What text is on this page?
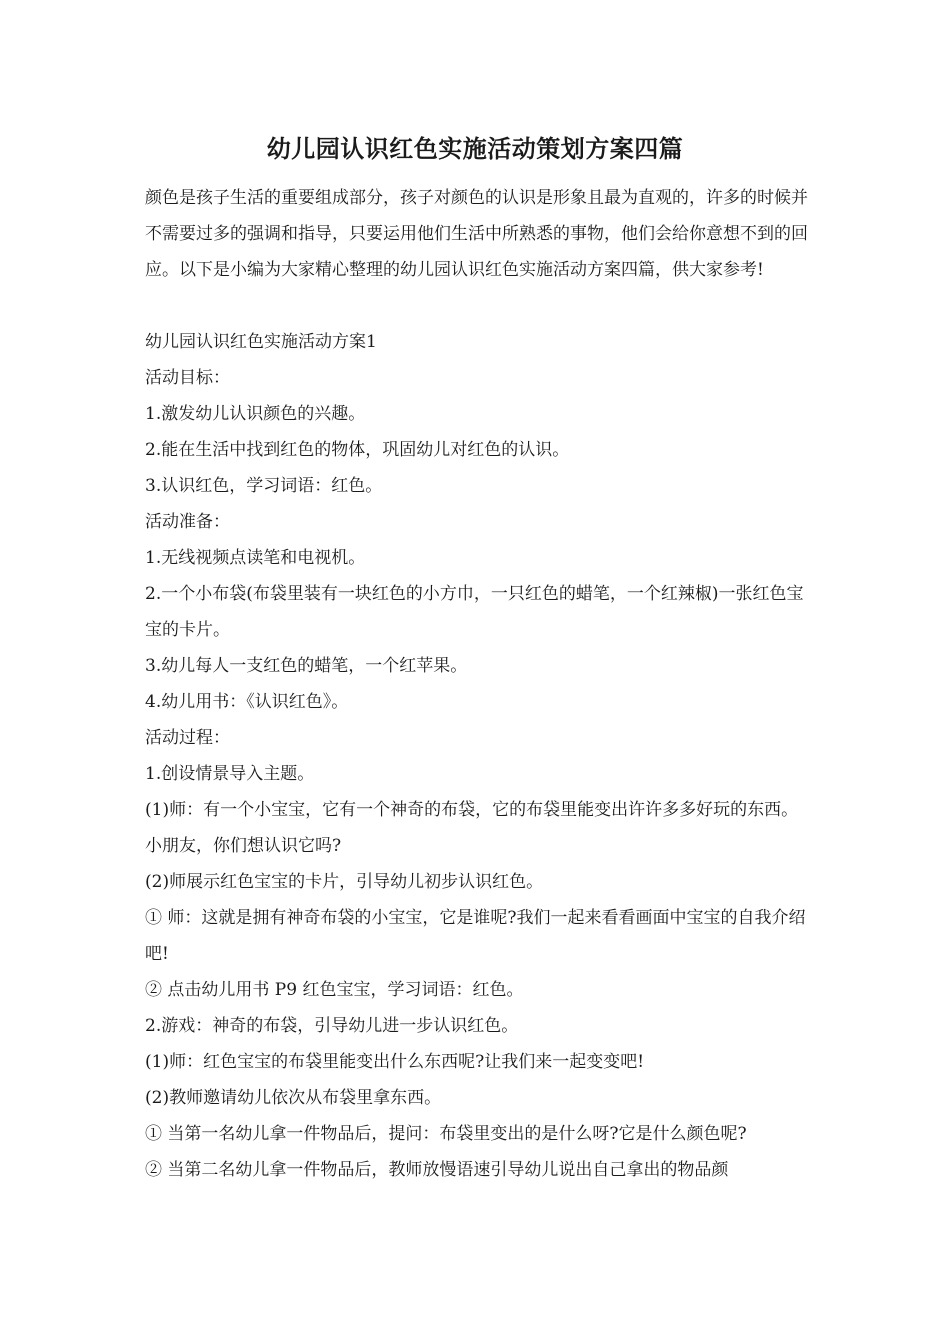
幼儿园认识红色实施活动策划方案四篇

颜色是孩子生活的重要组成部分，孩子对颜色的认识是形象且最为直观的，许多的时候并不需要过多的强调和指导，只要运用他们生活中所熟悉的事物，他们会给你意想不到的回应。以下是小编为大家精心整理的幼儿园认识红色实施活动方案四篇，供大家参考!

幼儿园认识红色实施活动方案1

活动目标：

1.激发幼儿认识颜色的兴趣。

2.能在生活中找到红色的物体，巩固幼儿对红色的认识。

3.认识红色，学习词语：红色。

活动准备：

1.无线视频点读笔和电视机。

2.一个小布袋(布袋里装有一块红色的小方巾，一只红色的蜡笔，一个红辣椒)一张红色宝宝的卡片。

3.幼儿每人一支红色的蜡笔，一个红苹果。

4.幼儿用书：《认识红色》。

活动过程：

1.创设情景导入主题。

(1)师：有一个小宝宝，它有一个神奇的布袋，它的布袋里能变出许许多多好玩的东西。小朋友，你们想认识它吗?

(2)师展示红色宝宝的卡片，引导幼儿初步认识红色。

① 师：这就是拥有神奇布袋的小宝宝，它是谁呢?我们一起来看看画面中宝宝的自我介绍吧!

② 点击幼儿用书 P9 红色宝宝，学习词语：红色。

2.游戏：神奇的布袋，引导幼儿进一步认识红色。

(1)师：红色宝宝的布袋里能变出什么东西呢?让我们来一起变变吧!

(2)教师邀请幼儿依次从布袋里拿东西。

① 当第一名幼儿拿一件物品后，提问：布袋里变出的是什么呀?它是什么颜色呢?

② 当第二名幼儿拿一件物品后，教师放慢语速引导幼儿说出自己拿出的物品颜
